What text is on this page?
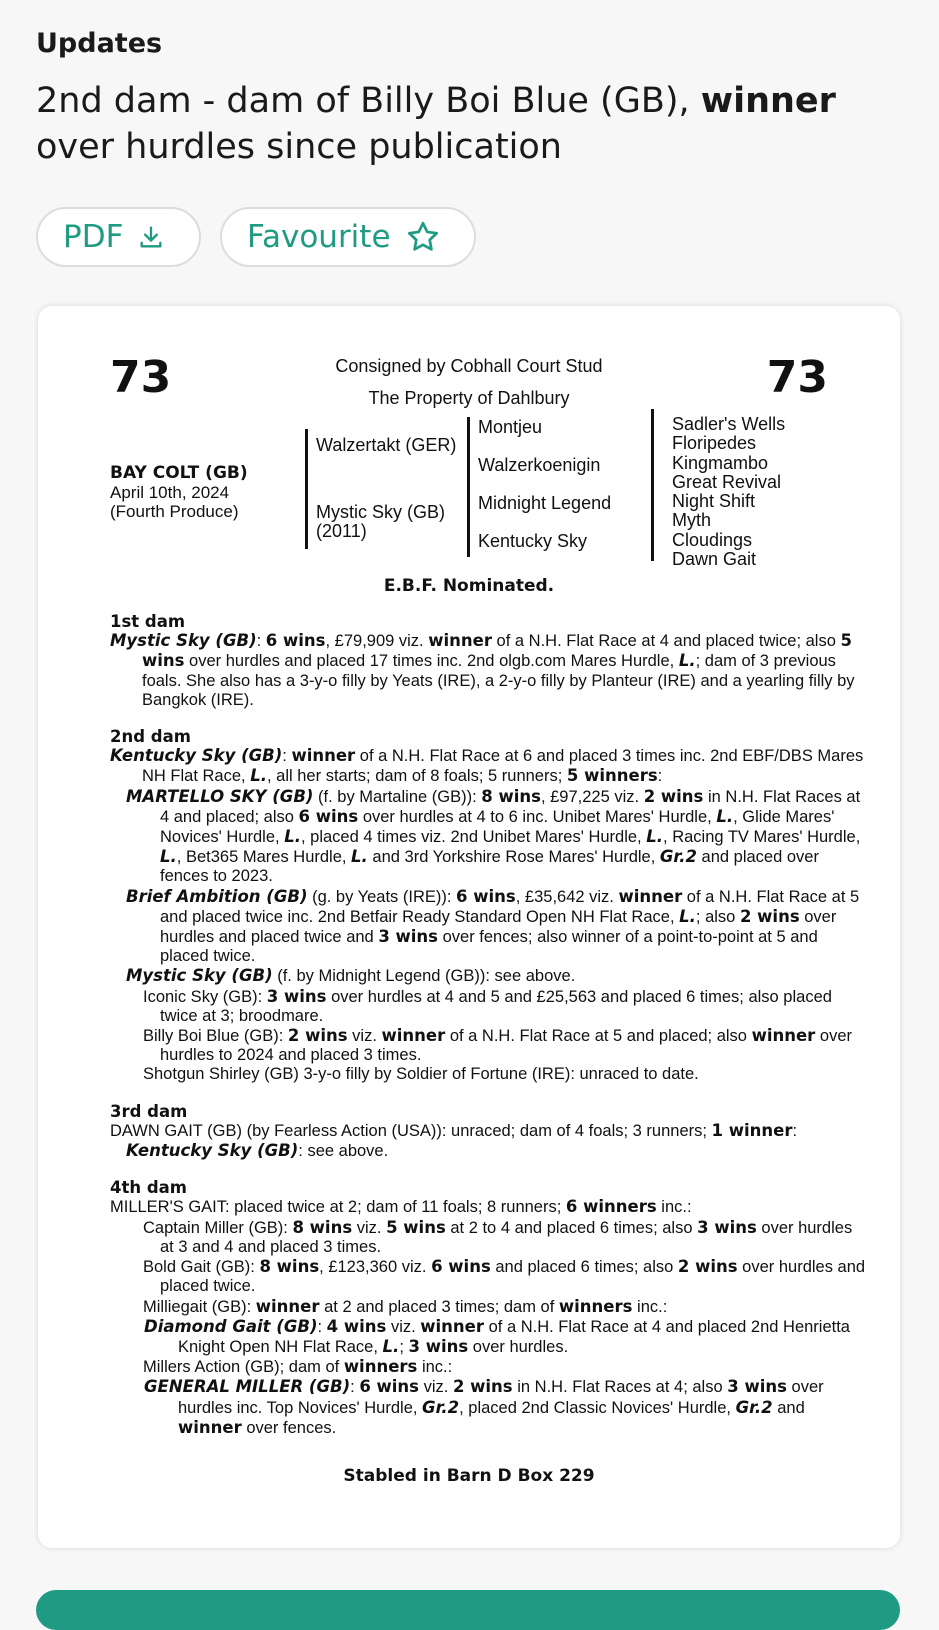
Updates
2nd dam - dam of Billy Boi Blue (GB), winner over hurdles since publication
PDF	Favourite
73	73
Consigned by Cobhall Court Stud
The Property of Dahlbury
BAY COLT (GB)
April 10th, 2024
(Fourth Produce)
Walzertakt (GER)
Mystic Sky (GB) (2011)
Montjeu
Walzerkoenigin
Midnight Legend
Kentucky Sky
Sadler's Wells
Floripedes
Kingmambo
Great Revival
Night Shift
Myth
Cloudings
Dawn Gait
E.B.F. Nominated.
1st dam
Mystic Sky (GB): 6 wins, £79,909 viz. winner of a N.H. Flat Race at 4 and placed twice; also 5 wins over hurdles and placed 17 times inc. 2nd olgb.com Mares Hurdle, L.; dam of 3 previous foals. She also has a 3-y-o filly by Yeats (IRE), a 2-y-o filly by Planteur (IRE) and a yearling filly by Bangkok (IRE).
2nd dam
Kentucky Sky (GB): winner of a N.H. Flat Race at 6 and placed 3 times inc. 2nd EBF/DBS Mares NH Flat Race, L., all her starts; dam of 8 foals; 5 runners; 5 winners:
MARTELLO SKY (GB) (f. by Martaline (GB)): 8 wins, £97,225 viz. 2 wins in N.H. Flat Races at 4 and placed; also 6 wins over hurdles at 4 to 6 inc. Unibet Mares' Hurdle, L., Glide Mares' Novices' Hurdle, L., placed 4 times viz. 2nd Unibet Mares' Hurdle, L., Racing TV Mares' Hurdle, L., Bet365 Mares Hurdle, L. and 3rd Yorkshire Rose Mares' Hurdle, Gr.2 and placed over fences to 2023.
Brief Ambition (GB) (g. by Yeats (IRE)): 6 wins, £35,642 viz. winner of a N.H. Flat Race at 5 and placed twice inc. 2nd Betfair Ready Standard Open NH Flat Race, L.; also 2 wins over hurdles and placed twice and 3 wins over fences; also winner of a point-to-point at 5 and placed twice.
Mystic Sky (GB) (f. by Midnight Legend (GB)): see above.
Iconic Sky (GB): 3 wins over hurdles at 4 and 5 and £25,563 and placed 6 times; also placed twice at 3; broodmare.
Billy Boi Blue (GB): 2 wins viz. winner of a N.H. Flat Race at 5 and placed; also winner over hurdles to 2024 and placed 3 times.
Shotgun Shirley (GB) 3-y-o filly by Soldier of Fortune (IRE): unraced to date.
3rd dam
DAWN GAIT (GB) (by Fearless Action (USA)): unraced; dam of 4 foals; 3 runners; 1 winner:
Kentucky Sky (GB): see above.
4th dam
MILLER'S GAIT: placed twice at 2; dam of 11 foals; 8 runners; 6 winners inc.:
Captain Miller (GB): 8 wins viz. 5 wins at 2 to 4 and placed 6 times; also 3 wins over hurdles at 3 and 4 and placed 3 times.
Bold Gait (GB): 8 wins, £123,360 viz. 6 wins and placed 6 times; also 2 wins over hurdles and placed twice.
Milliegait (GB): winner at 2 and placed 3 times; dam of winners inc.:
Diamond Gait (GB): 4 wins viz. winner of a N.H. Flat Race at 4 and placed 2nd Henrietta Knight Open NH Flat Race, L.; 3 wins over hurdles.
Millers Action (GB); dam of winners inc.:
GENERAL MILLER (GB): 6 wins viz. 2 wins in N.H. Flat Races at 4; also 3 wins over hurdles inc. Top Novices' Hurdle, Gr.2, placed 2nd Classic Novices' Hurdle, Gr.2 and winner over fences.
Stabled in Barn D Box 229
